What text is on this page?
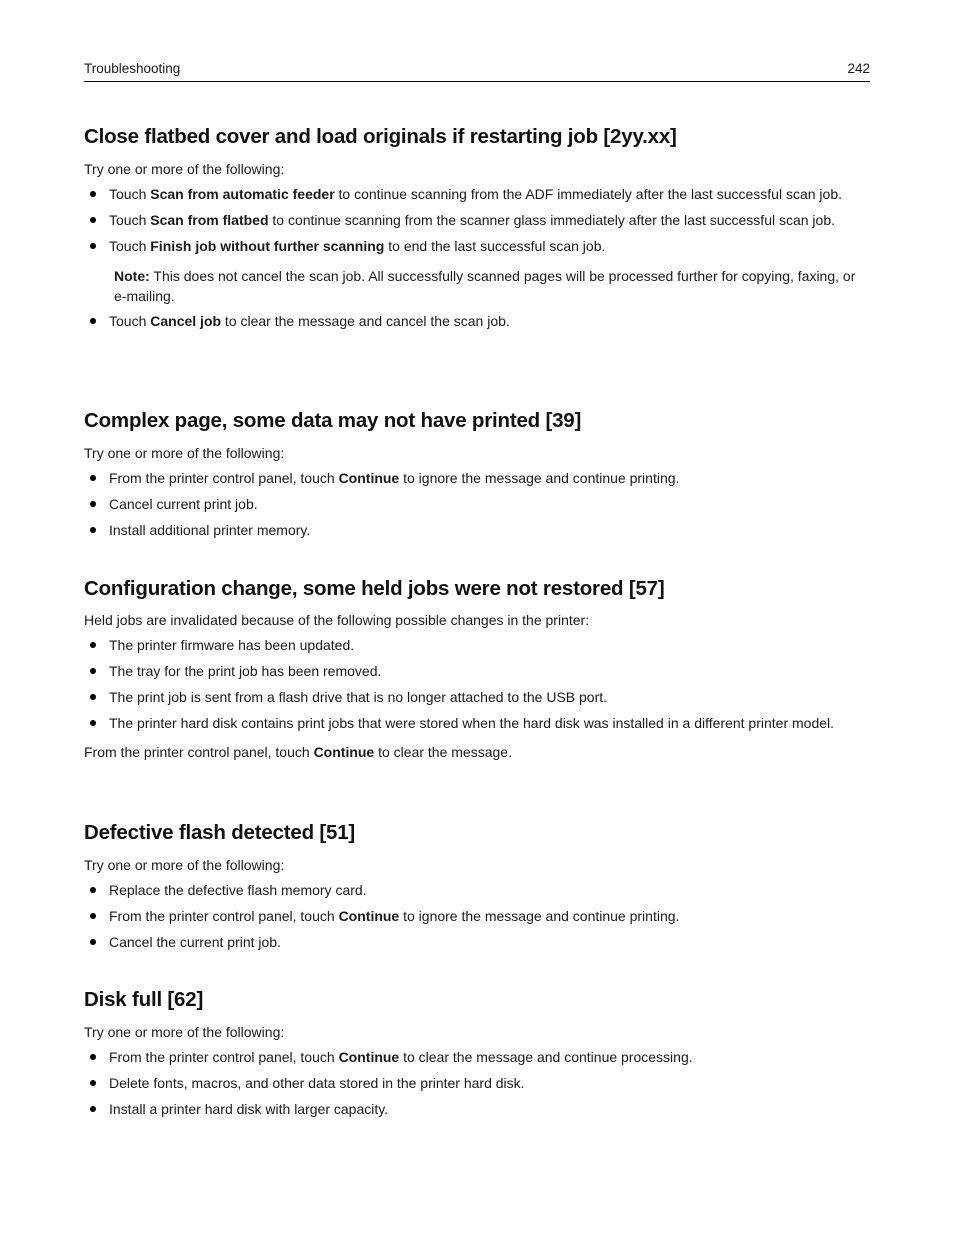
Troubleshooting	242
Close flatbed cover and load originals if restarting job [2yy.xx]

Try one or more of the following:

Touch Scan from automatic feeder to continue scanning from the ADF immediately after the last successful scan job.
Touch Scan from flatbed to continue scanning from the scanner glass immediately after the last successful scan job.
Touch Finish job without further scanning to end the last successful scan job.

Note: This does not cancel the scan job. All successfully scanned pages will be processed further for copying, faxing, or e-mailing.

Touch Cancel job to clear the message and cancel the scan job.
Complex page, some data may not have printed [39]

Try one or more of the following:

From the printer control panel, touch Continue to ignore the message and continue printing.
Cancel current print job.
Install additional printer memory.
Configuration change, some held jobs were not restored [57]

Held jobs are invalidated because of the following possible changes in the printer:

The printer firmware has been updated.
The tray for the print job has been removed.
The print job is sent from a flash drive that is no longer attached to the USB port.
The printer hard disk contains print jobs that were stored when the hard disk was installed in a different printer model.

From the printer control panel, touch Continue to clear the message.

Defective flash detected [51]

Try one or more of the following:

Replace the defective flash memory card.
From the printer control panel, touch Continue to ignore the message and continue printing.
Cancel the current print job.
Disk full [62]

Try one or more of the following:

From the printer control panel, touch Continue to clear the message and continue processing.
Delete fonts, macros, and other data stored in the printer hard disk.
Install a printer hard disk with larger capacity.
